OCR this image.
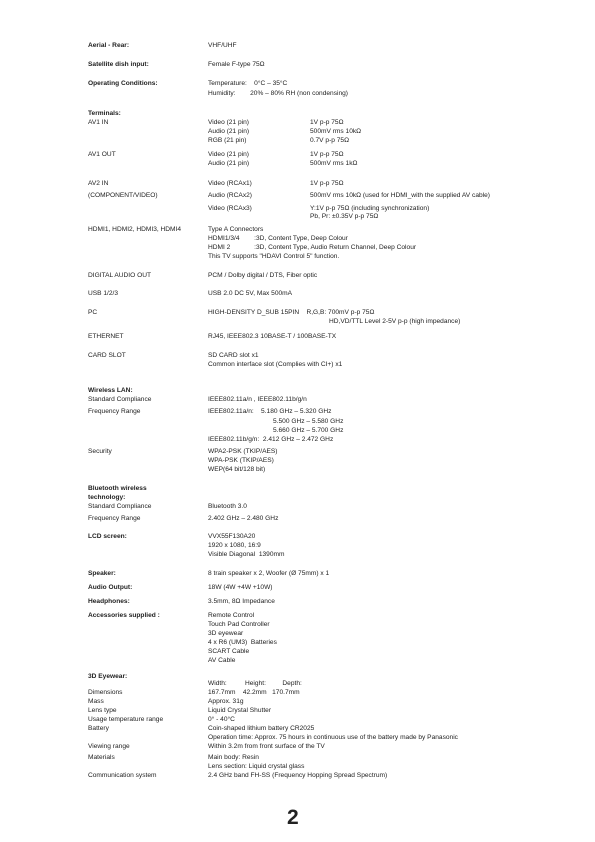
Aerial - Rear:	VHF/UHF
Satellite dish input:	Female F-type 75Ω
Operating Conditions:	Temperature:    0°C – 35°C
Humidity:        20% – 80% RH (non condensing)
Terminals:
AV1 IN	Video (21 pin)	1V p-p 75Ω
Audio (21 pin)	500mV rms 10kΩ
RGB (21 pin)	0.7V p-p 75Ω
AV1 OUT	Video (21 pin)	1V p-p 75Ω
Audio (21 pin)	500mV rms 1kΩ
AV2 IN	Video (RCAx1)	1V p-p 75Ω
(COMPONENT/VIDEO)	Audio (RCAx2)	500mV rms 10kΩ (used for HDMI_with the supplied AV cable)
Video (RCAx3)	Y:1V p-p 75Ω (including synchronization)
Pb, Pr: ±0.35V p-p 75Ω
HDMI1, HDMI2, HDMI3, HDMI4	Type A Connectors
HDMI1/3/4        :3D, Content Type, Deep Colour
HDMI 2             :3D, Content Type, Audio Return Channel, Deep Colour
This TV supports "HDAVI Control 5" function.
DIGITAL AUDIO OUT	PCM / Dolby digital / DTS, Fiber optic
USB 1/2/3	USB 2.0 DC 5V, Max 500mA
PC	HIGH-DENSITY D_SUB 15PIN    R,G,B: 700mV p-p 75Ω
HD,VD/TTL Level 2-5V p-p (high impedance)
ETHERNET	RJ45, IEEE802.3 10BASE-T / 100BASE-TX
CARD SLOT	SD CARD slot x1
Common interface slot (Complies with CI+) x1
Wireless LAN:
Standard Compliance	IEEE802.11a/n , IEEE802.11b/g/n
Frequency Range	IEEE802.11a/n:    5.180 GHz – 5.320 GHz
5.500 GHz – 5.580 GHz
5.660 GHz – 5.700 GHz
IEEE802.11b/g/n:  2.412 GHz – 2.472 GHz
Security	WPA2-PSK (TKIP/AES)
WPA-PSK (TKIP/AES)
WEP(64 bit/128 bit)
Bluetooth wireless
technology:
Standard Compliance	Bluetooth 3.0
Frequency Range	2.402 GHz – 2.480 GHz
LCD screen:	VVX55F130A20
1920 x 1080, 16:9
Visible Diagonal  1390mm
Speaker:	8 train speaker x 2, Woofer (Ø 75mm) x 1
Audio Output:	18W (4W +4W +10W)
Headphones:	3.5mm, 8Ω Impedance
Accessories supplied :	Remote Control
Touch Pad Controller
3D eyewear
4 x R6 (UM3)  Batteries
SCART Cable
AV Cable
3D Eyewear:
Width:          Height:         Depth:
Dimensions	167.7mm    42.2mm   170.7mm
Mass	Approx. 31g
Lens type	Liquid Crystal Shutter
Usage temperature range	0° - 40°C
Battery	Coin-shaped lithium battery CR2025
Operation time: Approx. 75 hours in continuous use of the battery made by Panasonic
Viewing range	Within 3.2m from front surface of the TV
Materials	Main body: Resin
Lens section: Liquid crystal glass
Communication system	2.4 GHz band FH-SS (Frequency Hopping Spread Spectrum)
2
